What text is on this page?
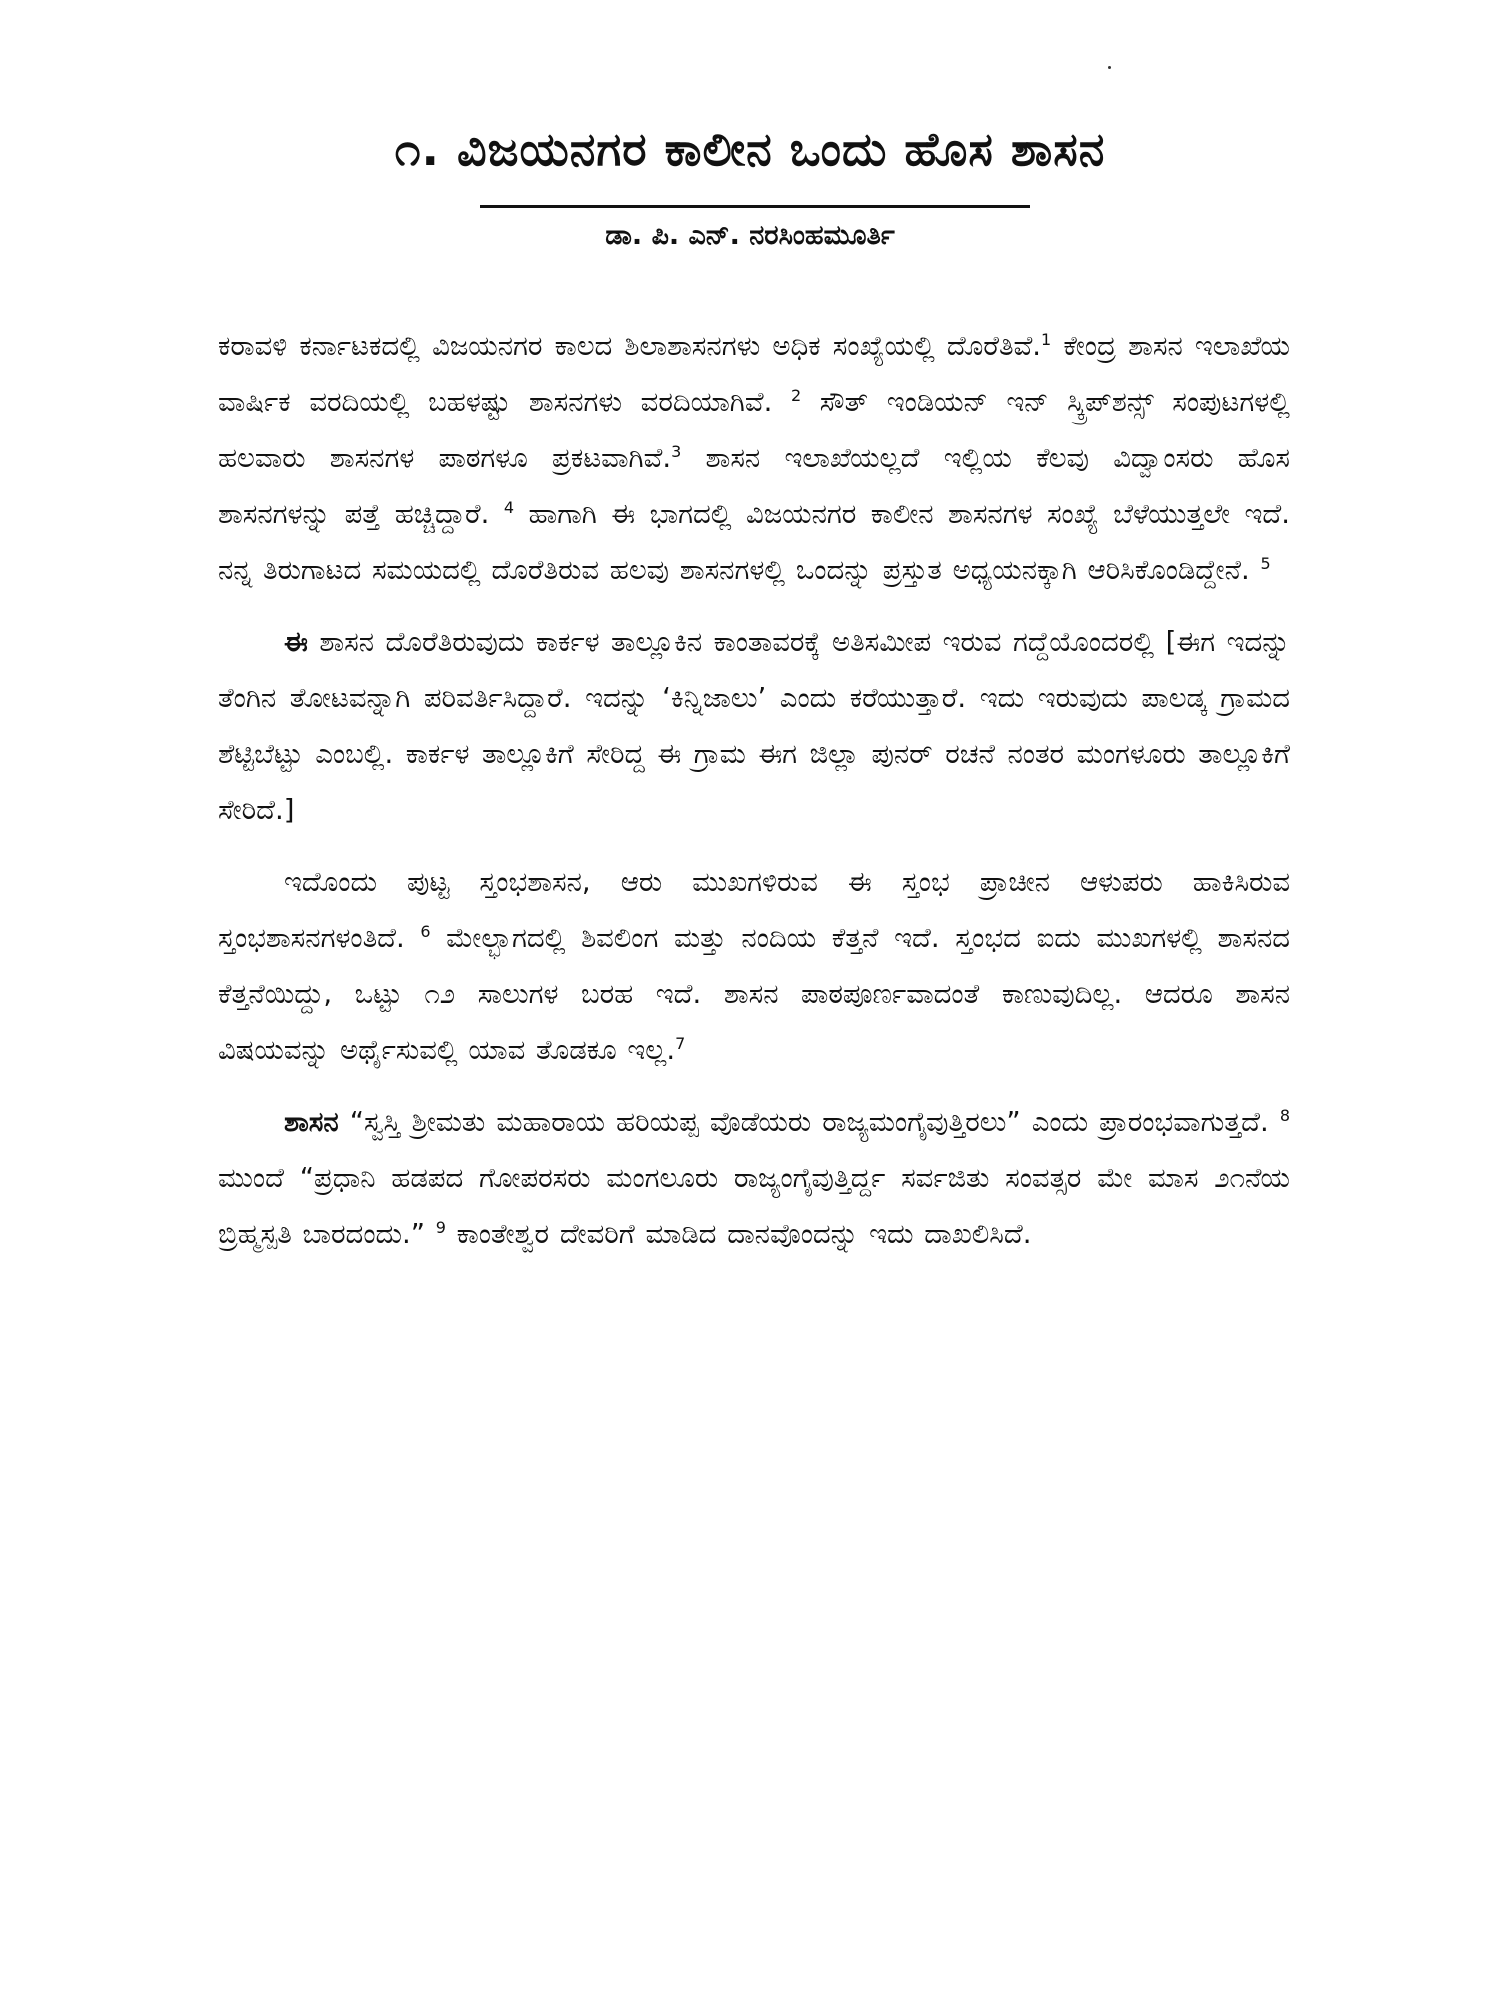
೧. ವಿಜಯನಗರ ಕಾಲೀನ ಒಂದು ಹೊಸ ಶಾಸನ
ಡಾ. ಪಿ. ಎನ್. ನರಸಿಂಹಮೂರ್ತಿ

ಕರಾವಳಿ ಕರ್ನಾಟಕದಲ್ಲಿ ವಿಜಯನಗರ ಕಾಲದ ಶಿಲಾಶಾಸನಗಳು ಅಧಿಕ ಸಂಖ್ಯೆಯಲ್ಲಿ ದೊರೆತಿವೆ.$^1$ ಕೇಂದ್ರ ಶಾಸನ ಇಲಾಖೆಯ ವಾರ್ಷಿಕ ವರದಿಯಲ್ಲಿ ಬಹಳಷ್ಟು ಶಾಸನಗಳು ವರದಿಯಾಗಿವೆ. $^2$ ಸೌತ್ ಇಂಡಿಯನ್ ಇನ್ ಸ್ಕ್ರಿಪ್‌ಶನ್ಸ್ ಸಂಪುಟಗಳಲ್ಲಿ ಹಲವಾರು ಶಾಸನಗಳ ಪಾಠಗಳೂ ಪ್ರಕಟವಾಗಿವೆ.$^3$ ಶಾಸನ ಇಲಾಖೆಯಲ್ಲದೆ ಇಲ್ಲಿಯ ಕೆಲವು ವಿದ್ವಾಂಸರು ಹೊಸ ಶಾಸನಗಳನ್ನು ಪತ್ತೆ ಹಚ್ಚಿದ್ದಾರೆ. $^4$ ಹಾಗಾಗಿ ಈ ಭಾಗದಲ್ಲಿ ವಿಜಯನಗರ ಕಾಲೀನ ಶಾಸನಗಳ ಸಂಖ್ಯೆ ಬೆಳೆಯುತ್ತಲೇ ಇದೆ. ನನ್ನ ತಿರುಗಾಟದ ಸಮಯದಲ್ಲಿ ದೊರೆತಿರುವ ಹಲವು ಶಾಸನಗಳಲ್ಲಿ ಒಂದನ್ನು ಪ್ರಸ್ತುತ ಅಧ್ಯಯನಕ್ಕಾಗಿ ಆರಿಸಿಕೊಂಡಿದ್ದೇನೆ. $^5$

ಈ ಶಾಸನ ದೊರೆತಿರುವುದು ಕಾರ್ಕಳ ತಾಲ್ಲೂಕಿನ ಕಾಂತಾವರಕ್ಕೆ ಅತಿಸಮೀಪ ಇರುವ ಗದ್ದೆಯೊಂದರಲ್ಲಿ [ಈಗ ಇದನ್ನು ತೆಂಗಿನ ತೋಟವನ್ನಾಗಿ ಪರಿವರ್ತಿಸಿದ್ದಾರೆ. ಇದನ್ನು ‘ಕಿನ್ನಿಜಾಲು’ ಎಂದು ಕರೆಯುತ್ತಾರೆ. ಇದು ಇರುವುದು ಪಾಲಡ್ಕ ಗ್ರಾಮದ ಶೆಟ್ಟಿಬೆಟ್ಟು ಎಂಬಲ್ಲಿ. ಕಾರ್ಕಳ ತಾಲ್ಲೂಕಿಗೆ ಸೇರಿದ್ದ ಈ ಗ್ರಾಮ ಈಗ ಜಿಲ್ಲಾ ಪುನರ್ ರಚನೆ ನಂತರ ಮಂಗಳೂರು ತಾಲ್ಲೂಕಿಗೆ ಸೇರಿದೆ.]

ಇದೊಂದು ಪುಟ್ಟ ಸ್ತಂಭಶಾಸನ, ಆರು ಮುಖಗಳಿರುವ ಈ ಸ್ತಂಭ ಪ್ರಾಚೀನ ಆಳುಪರು ಹಾಕಿಸಿರುವ ಸ್ತಂಭಶಾಸನಗಳಂತಿದೆ. $^6$ ಮೇಲ್ಭಾಗದಲ್ಲಿ ಶಿವಲಿಂಗ ಮತ್ತು ನಂದಿಯ ಕೆತ್ತನೆ ಇದೆ. ಸ್ತಂಭದ ಐದು ಮುಖಗಳಲ್ಲಿ ಶಾಸನದ ಕೆತ್ತನೆಯಿದ್ದು, ಒಟ್ಟು ೧೨ ಸಾಲುಗಳ ಬರಹ ಇದೆ. ಶಾಸನ ಪಾಠಪೂರ್ಣವಾದಂತೆ ಕಾಣುವುದಿಲ್ಲ. ಆದರೂ ಶಾಸನ ವಿಷಯವನ್ನು ಅರ್ಥೈಸುವಲ್ಲಿ ಯಾವ ತೊಡಕೂ ಇಲ್ಲ.$^7$

ಶಾಸನ “ಸ್ವಸ್ತಿ ಶ್ರೀಮತು ಮಹಾರಾಯ ಹರಿಯಪ್ಪ ವೊಡೆಯರು ರಾಜ್ಯಮಂಗೈವುತ್ತಿರಲು” ಎಂದು ಪ್ರಾರಂಭವಾಗುತ್ತದೆ. $^8$ ಮುಂದೆ “ಪ್ರಧಾನಿ ಹಡಪದ ಗೋಪರಸರು ಮಂಗಲೂರು ರಾಜ್ಯಂಗೈವುತ್ತಿರ್ದ್ದ ಸರ್ವಜಿತು ಸಂವತ್ಸರ ಮೇ ಮಾಸ ೨೧ನೆಯ ಬ್ರಿಹ್ಮಸ್ಪತಿ ಬಾರದಂದು.” $^9$ ಕಾಂತೇಶ್ವರ ದೇವರಿಗೆ ಮಾಡಿದ ದಾನವೊಂದನ್ನು ಇದು ದಾಖಲಿಸಿದೆ.
